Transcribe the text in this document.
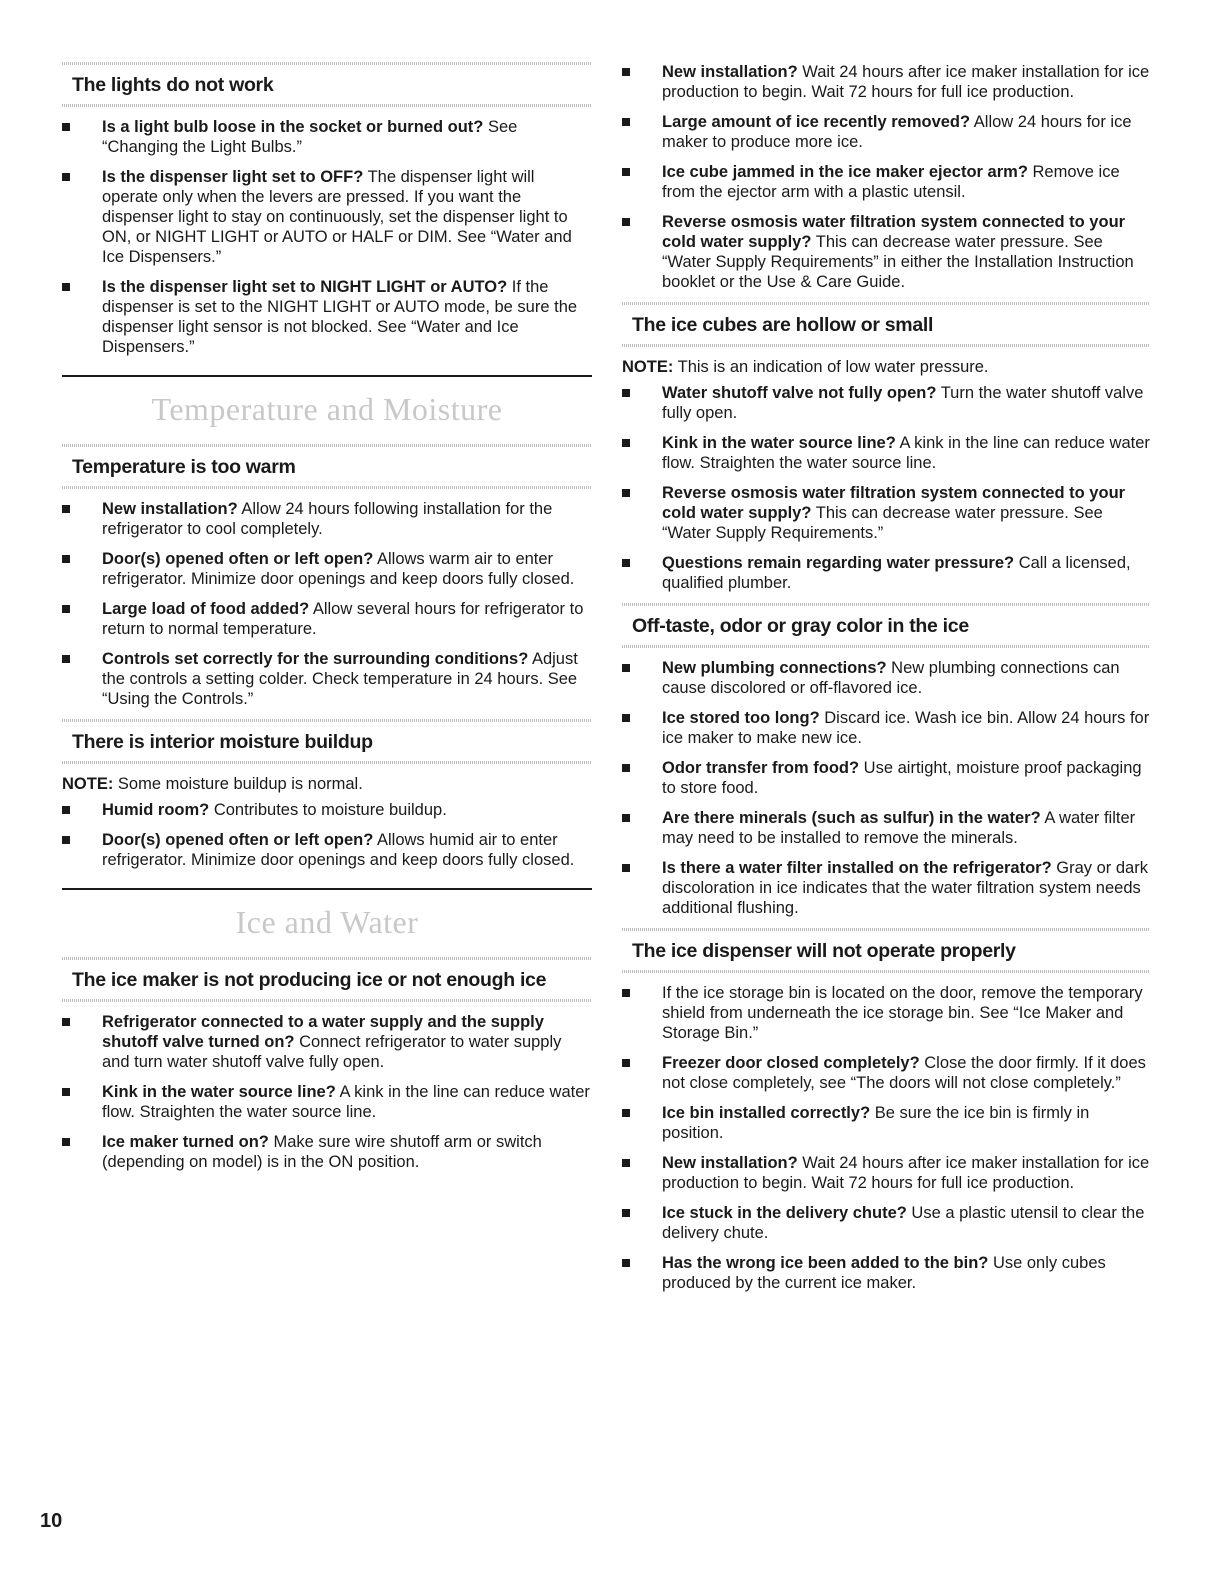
The lights do not work
Is a light bulb loose in the socket or burned out? See “Changing the Light Bulbs.”
Is the dispenser light set to OFF? The dispenser light will operate only when the levers are pressed. If you want the dispenser light to stay on continuously, set the dispenser light to ON, or NIGHT LIGHT or AUTO or HALF or DIM. See “Water and Ice Dispensers.”
Is the dispenser light set to NIGHT LIGHT or AUTO? If the dispenser is set to the NIGHT LIGHT or AUTO mode, be sure the dispenser light sensor is not blocked. See “Water and Ice Dispensers.”
Temperature and Moisture
Temperature is too warm
New installation? Allow 24 hours following installation for the refrigerator to cool completely.
Door(s) opened often or left open? Allows warm air to enter refrigerator. Minimize door openings and keep doors fully closed.
Large load of food added? Allow several hours for refrigerator to return to normal temperature.
Controls set correctly for the surrounding conditions? Adjust the controls a setting colder. Check temperature in 24 hours. See “Using the Controls.”
There is interior moisture buildup
NOTE: Some moisture buildup is normal.
Humid room? Contributes to moisture buildup.
Door(s) opened often or left open? Allows humid air to enter refrigerator. Minimize door openings and keep doors fully closed.
Ice and Water
The ice maker is not producing ice or not enough ice
Refrigerator connected to a water supply and the supply shutoff valve turned on? Connect refrigerator to water supply and turn water shutoff valve fully open.
Kink in the water source line? A kink in the line can reduce water flow. Straighten the water source line.
Ice maker turned on? Make sure wire shutoff arm or switch (depending on model) is in the ON position.
New installation? Wait 24 hours after ice maker installation for ice production to begin. Wait 72 hours for full ice production.
Large amount of ice recently removed? Allow 24 hours for ice maker to produce more ice.
Ice cube jammed in the ice maker ejector arm? Remove ice from the ejector arm with a plastic utensil.
Reverse osmosis water filtration system connected to your cold water supply? This can decrease water pressure. See “Water Supply Requirements” in either the Installation Instruction booklet or the Use & Care Guide.
The ice cubes are hollow or small
NOTE: This is an indication of low water pressure.
Water shutoff valve not fully open? Turn the water shutoff valve fully open.
Kink in the water source line? A kink in the line can reduce water flow. Straighten the water source line.
Reverse osmosis water filtration system connected to your cold water supply? This can decrease water pressure. See “Water Supply Requirements.”
Questions remain regarding water pressure? Call a licensed, qualified plumber.
Off-taste, odor or gray color in the ice
New plumbing connections? New plumbing connections can cause discolored or off-flavored ice.
Ice stored too long? Discard ice. Wash ice bin. Allow 24 hours for ice maker to make new ice.
Odor transfer from food? Use airtight, moisture proof packaging to store food.
Are there minerals (such as sulfur) in the water? A water filter may need to be installed to remove the minerals.
Is there a water filter installed on the refrigerator? Gray or dark discoloration in ice indicates that the water filtration system needs additional flushing.
The ice dispenser will not operate properly
If the ice storage bin is located on the door, remove the temporary shield from underneath the ice storage bin. See “Ice Maker and Storage Bin.”
Freezer door closed completely? Close the door firmly. If it does not close completely, see “The doors will not close completely.”
Ice bin installed correctly? Be sure the ice bin is firmly in position.
New installation? Wait 24 hours after ice maker installation for ice production to begin. Wait 72 hours for full ice production.
Ice stuck in the delivery chute? Use a plastic utensil to clear the delivery chute.
Has the wrong ice been added to the bin? Use only cubes produced by the current ice maker.
10
